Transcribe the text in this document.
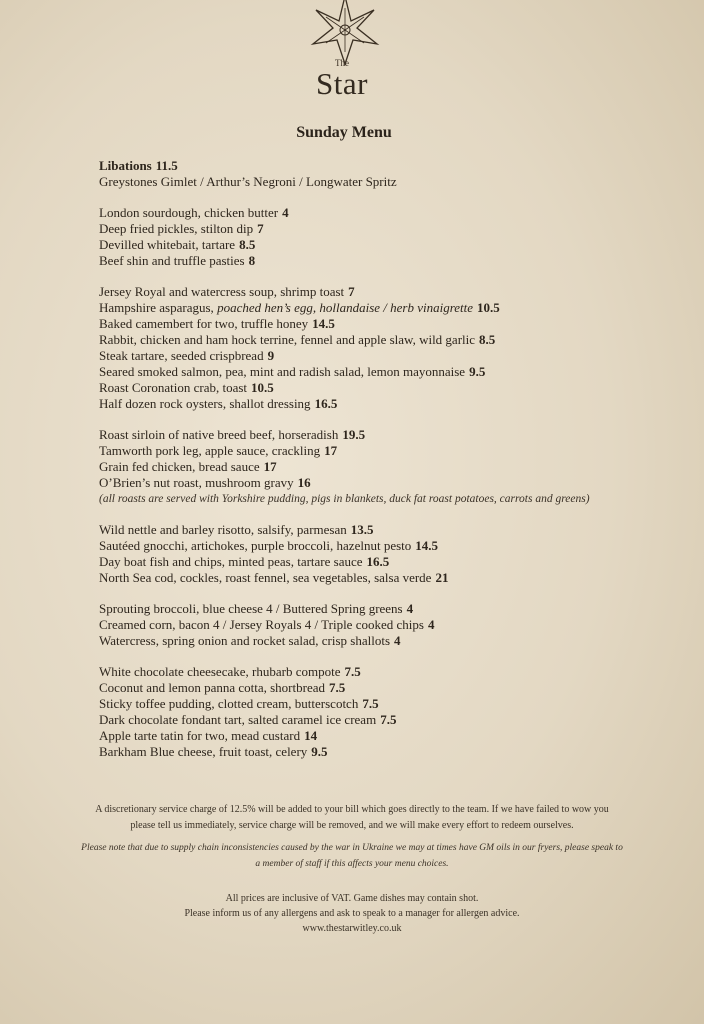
The
Star
Sunday Menu
Libations 11.5
Greystones Gimlet / Arthur’s Negroni / Longwater Spritz
London sourdough, chicken butter 4
Deep fried pickles, stilton dip 7
Devilled whitebait, tartare 8.5
Beef shin and truffle pasties 8
Jersey Royal and watercress soup, shrimp toast 7
Hampshire asparagus, poached hen’s egg, hollandaise / herb vinaigrette 10.5
Baked camembert for two, truffle honey 14.5
Rabbit, chicken and ham hock terrine, fennel and apple slaw, wild garlic 8.5
Steak tartare, seeded crispbread 9
Seared smoked salmon, pea, mint and radish salad, lemon mayonnaise 9.5
Roast Coronation crab, toast 10.5
Half dozen rock oysters, shallot dressing 16.5
Roast sirloin of native breed beef, horseradish 19.5
Tamworth pork leg, apple sauce, crackling 17
Grain fed chicken, bread sauce 17
O’Brien’s nut roast, mushroom gravy 16
(all roasts are served with Yorkshire pudding, pigs in blankets, duck fat roast potatoes, carrots and greens)
Wild nettle and barley risotto, salsify, parmesan 13.5
Sautéed gnocchi, artichokes, purple broccoli, hazelnut pesto 14.5
Day boat fish and chips, minted peas, tartare sauce 16.5
North Sea cod, cockles, roast fennel, sea vegetables, salsa verde 21
Sprouting broccoli, blue cheese 4 / Buttered Spring greens 4
Creamed corn, bacon 4 / Jersey Royals 4 / Triple cooked chips 4
Watercress, spring onion and rocket salad, crisp shallots 4
White chocolate cheesecake, rhubarb compote 7.5
Coconut and lemon panna cotta, shortbread 7.5
Sticky toffee pudding, clotted cream, butterscotch 7.5
Dark chocolate fondant tart, salted caramel ice cream 7.5
Apple tarte tatin for two, mead custard 14
Barkham Blue cheese, fruit toast, celery 9.5
A discretionary service charge of 12.5% will be added to your bill which goes directly to the team. If we have failed to wow you
please tell us immediately, service charge will be removed, and we will make every effort to redeem ourselves.
Please note that due to supply chain inconsistencies caused by the war in Ukraine we may at times have GM oils in our fryers, please speak to
a member of staff if this affects your menu choices.
All prices are inclusive of VAT. Game dishes may contain shot.
Please inform us of any allergens and ask to speak to a manager for allergen advice.
www.thestarwitley.co.uk
